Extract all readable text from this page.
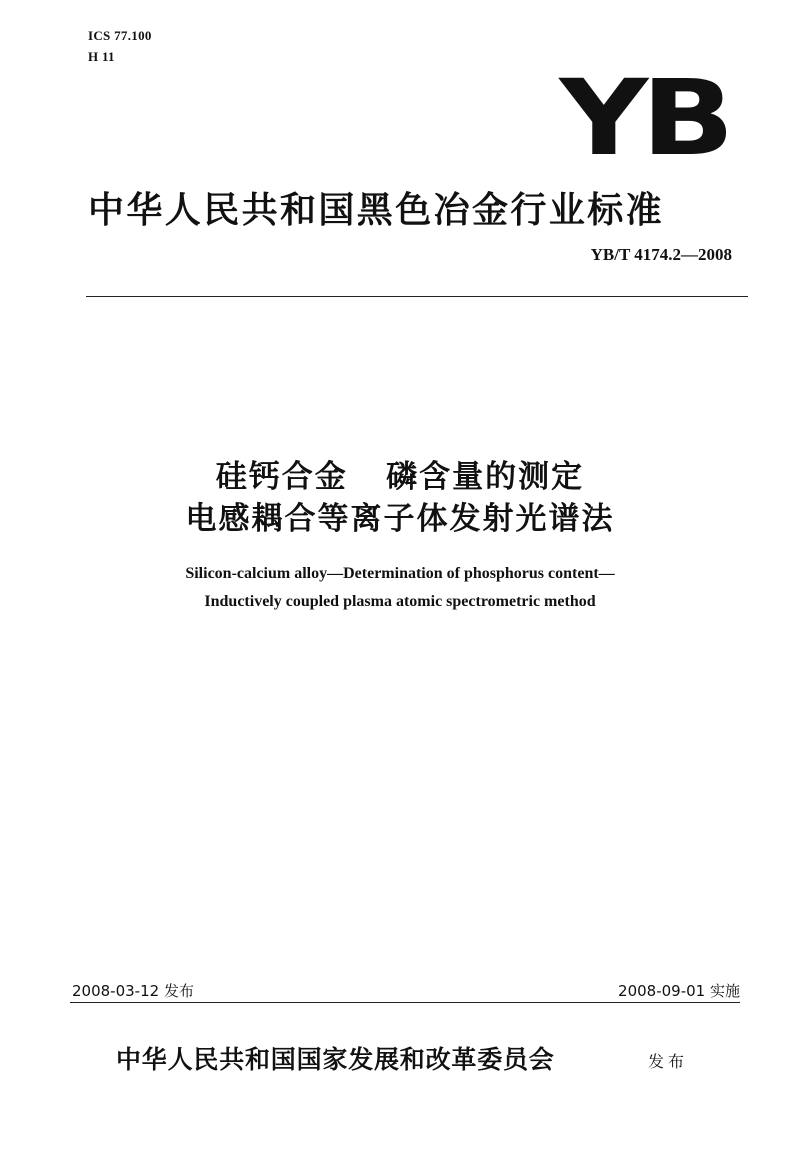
ICS 77.100
H 11
YB
中华人民共和国黑色冶金行业标准
YB/T 4174.2—2008
硅钙合金   磷含量的测定
电感耦合等离子体发射光谱法
Silicon-calcium alloy—Determination of phosphorus content—
Inductively coupled plasma atomic spectrometric method
2008-03-12 发布	2008-09-01 实施
中华人民共和国国家发展和改革委员会	发布
